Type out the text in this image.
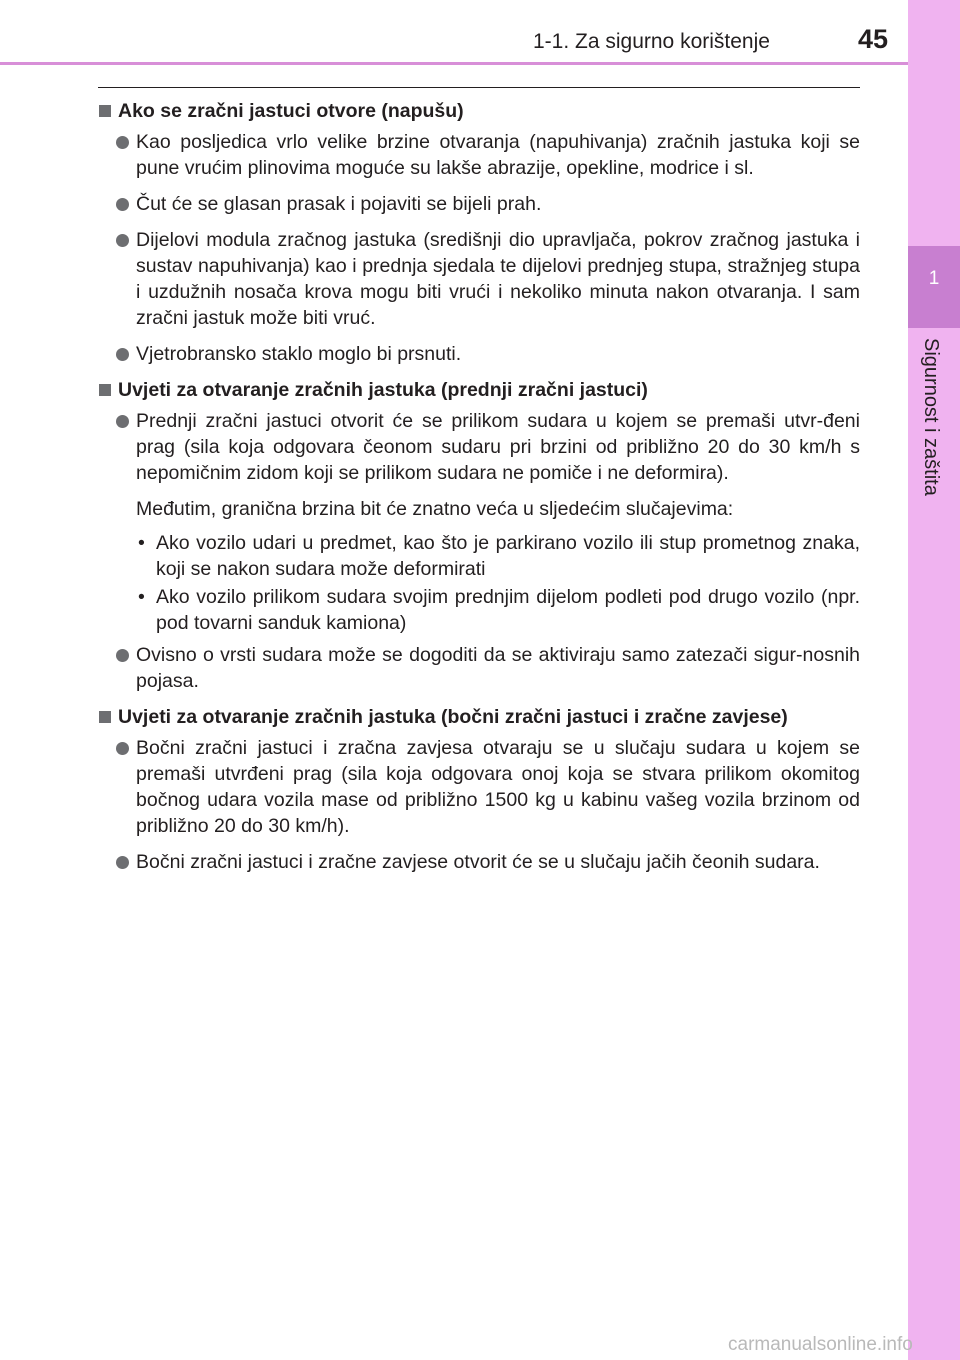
1-1. Za sigurno korištenje	45
1
Sigurnost i zaštita
Ako se zračni jastuci otvore (napušu)
Kao posljedica vrlo velike brzine otvaranja (napuhivanja) zračnih jastuka koji se pune vrućim plinovima moguće su lakše abrazije, opekline, modrice i sl.
Čut će se glasan prasak i pojaviti se bijeli prah.
Dijelovi modula zračnog jastuka (središnji dio upravljača, pokrov zračnog jastuka i sustav napuhivanja) kao i prednja sjedala te dijelovi prednjeg stupa, stražnjeg stupa i uzdužnih nosača krova mogu biti vrući i nekoliko minuta nakon otvaranja. I sam zračni jastuk može biti vruć.
Vjetrobransko staklo moglo bi prsnuti.
Uvjeti za otvaranje zračnih jastuka (prednji zračni jastuci)
Prednji zračni jastuci otvorit će se prilikom sudara u kojem se premaši utvr-đeni prag (sila koja odgovara čeonom sudaru pri brzini od približno 20 do 30 km/h s nepomičnim zidom koji se prilikom sudara ne pomiče i ne deformira).
Međutim, granična brzina bit će znatno veća u sljedećim slučajevima:
• Ako vozilo udari u predmet, kao što je parkirano vozilo ili stup prometnog znaka, koji se nakon sudara može deformirati
• Ako vozilo prilikom sudara svojim prednjim dijelom podleti pod drugo vozilo (npr. pod tovarni sanduk kamiona)
Ovisno o vrsti sudara može se dogoditi da se aktiviraju samo zatezači sigur-nosnih pojasa.
Uvjeti za otvaranje zračnih jastuka (bočni zračni jastuci i zračne zavjese)
Bočni zračni jastuci i zračna zavjesa otvaraju se u slučaju sudara u kojem se premaši utvrđeni prag (sila koja odgovara onoj koja se stvara prilikom okomitog bočnog udara vozila mase od približno 1500 kg u kabinu vašeg vozila brzinom od približno 20 do 30 km/h).
Bočni zračni jastuci i zračne zavjese otvorit će se u slučaju jačih čeonih sudara.
carmanualsonline.info
